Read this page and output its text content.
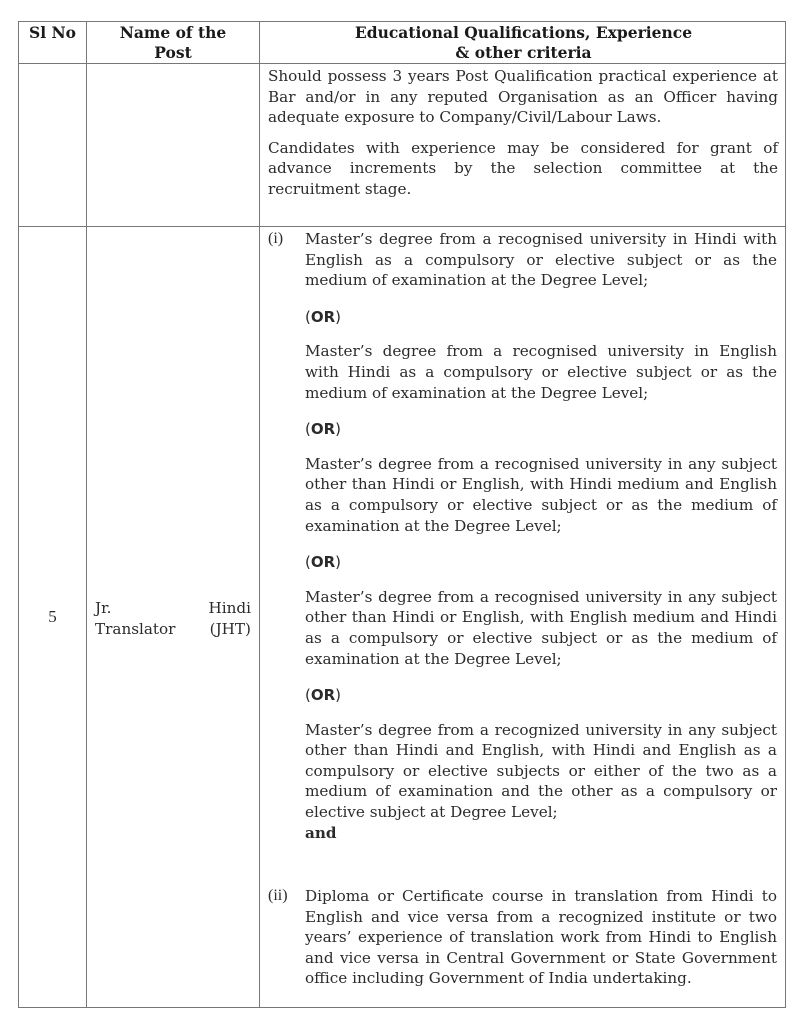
Sl No	Name of the
Post
Educational Qualifications, Experience
& other criteria

Should possess 3 years Post Qualification practical experience at Bar and/or in any reputed Organisation as an Officer having adequate exposure to Company/Civil/Labour Laws.

Candidates with experience may be considered for grant of advance increments by the selection committee at the recruitment stage.

5	Jr. Hindi
Translator (JHT)
(i) Master’s degree from a recognised university in Hindi with English as a compulsory or elective subject or as the medium of examination at the Degree Level;

(OR)

Master’s degree from a recognised university in English with Hindi as a compulsory or elective subject or as the medium of examination at the Degree Level;

(OR)

Master’s degree from a recognised university in any subject other than Hindi or English, with Hindi medium and English as a compulsory or elective subject or as the medium of examination at the Degree Level;

(OR)

Master’s degree from a recognised university in any subject other than Hindi or English, with English medium and Hindi as a compulsory or elective subject or as the medium of examination at the Degree Level;

(OR)

Master’s degree from a recognized university in any subject other than Hindi and English, with Hindi and English as a compulsory or elective subjects or either of the two as a medium of examination and the other as a compulsory or elective subject at Degree Level;

and

(ii) Diploma or Certificate course in translation from Hindi to English and vice versa from a recognized institute or two years’ experience of translation work from Hindi to English and vice versa in Central Government or State Government office including Government of India undertaking.
